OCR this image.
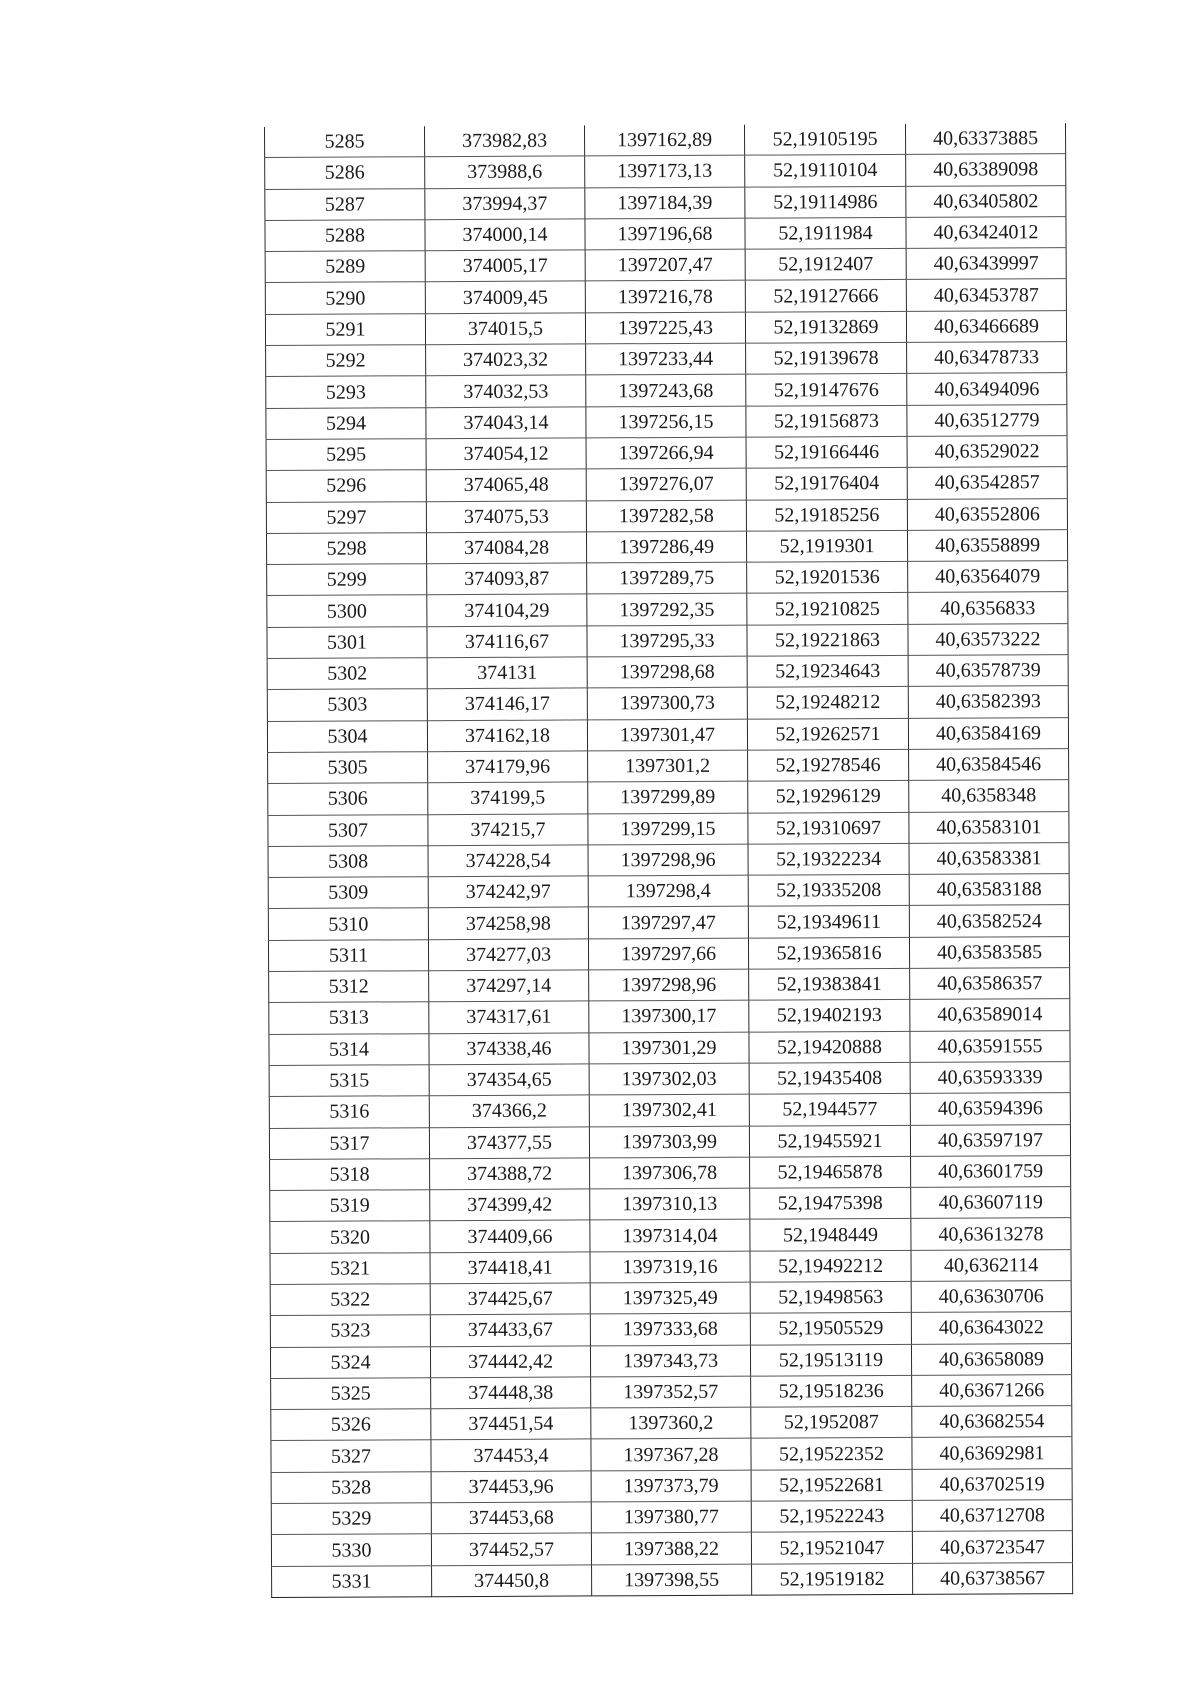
5285	373982,83	1397162,89	52,19105195	40,63373885
5286	373988,6	1397173,13	52,19110104	40,63389098
5287	373994,37	1397184,39	52,19114986	40,63405802
5288	374000,14	1397196,68	52,1911984	40,63424012
5289	374005,17	1397207,47	52,1912407	40,63439997
5290	374009,45	1397216,78	52,19127666	40,63453787
5291	374015,5	1397225,43	52,19132869	40,63466689
5292	374023,32	1397233,44	52,19139678	40,63478733
5293	374032,53	1397243,68	52,19147676	40,63494096
5294	374043,14	1397256,15	52,19156873	40,63512779
5295	374054,12	1397266,94	52,19166446	40,63529022
5296	374065,48	1397276,07	52,19176404	40,63542857
5297	374075,53	1397282,58	52,19185256	40,63552806
5298	374084,28	1397286,49	52,1919301	40,63558899
5299	374093,87	1397289,75	52,19201536	40,63564079
5300	374104,29	1397292,35	52,19210825	40,6356833
5301	374116,67	1397295,33	52,19221863	40,63573222
5302	374131	1397298,68	52,19234643	40,63578739
5303	374146,17	1397300,73	52,19248212	40,63582393
5304	374162,18	1397301,47	52,19262571	40,63584169
5305	374179,96	1397301,2	52,19278546	40,63584546
5306	374199,5	1397299,89	52,19296129	40,6358348
5307	374215,7	1397299,15	52,19310697	40,63583101
5308	374228,54	1397298,96	52,19322234	40,63583381
5309	374242,97	1397298,4	52,19335208	40,63583188
5310	374258,98	1397297,47	52,19349611	40,63582524
5311	374277,03	1397297,66	52,19365816	40,63583585
5312	374297,14	1397298,96	52,19383841	40,63586357
5313	374317,61	1397300,17	52,19402193	40,63589014
5314	374338,46	1397301,29	52,19420888	40,63591555
5315	374354,65	1397302,03	52,19435408	40,63593339
5316	374366,2	1397302,41	52,1944577	40,63594396
5317	374377,55	1397303,99	52,19455921	40,63597197
5318	374388,72	1397306,78	52,19465878	40,63601759
5319	374399,42	1397310,13	52,19475398	40,63607119
5320	374409,66	1397314,04	52,1948449	40,63613278
5321	374418,41	1397319,16	52,19492212	40,6362114
5322	374425,67	1397325,49	52,19498563	40,63630706
5323	374433,67	1397333,68	52,19505529	40,63643022
5324	374442,42	1397343,73	52,19513119	40,63658089
5325	374448,38	1397352,57	52,19518236	40,63671266
5326	374451,54	1397360,2	52,1952087	40,63682554
5327	374453,4	1397367,28	52,19522352	40,63692981
5328	374453,96	1397373,79	52,19522681	40,63702519
5329	374453,68	1397380,77	52,19522243	40,63712708
5330	374452,57	1397388,22	52,19521047	40,63723547
5331	374450,8	1397398,55	52,19519182	40,63738567
